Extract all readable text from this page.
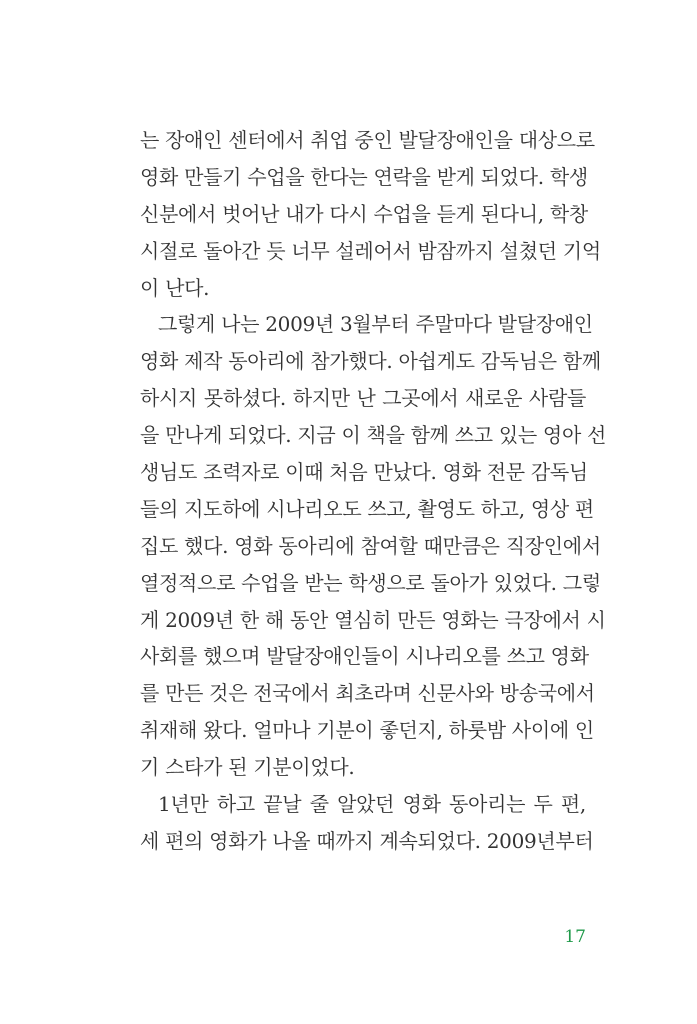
는 장애인 센터에서 취업 중인 발달장애인을 대상으로
영화 만들기 수업을 한다는 연락을 받게 되었다. 학생
신분에서 벗어난 내가 다시 수업을 듣게 된다니, 학창
시절로 돌아간 듯 너무 설레어서 밤잠까지 설쳤던 기억
이 난다.
그렇게 나는 2009년 3월부터 주말마다 발달장애인
영화 제작 동아리에 참가했다. 아쉽게도 감독님은 함께
하시지 못하셨다. 하지만 난 그곳에서 새로운 사람들
을 만나게 되었다. 지금 이 책을 함께 쓰고 있는 영아 선
생님도 조력자로 이때 처음 만났다. 영화 전문 감독님
들의 지도하에 시나리오도 쓰고, 촬영도 하고, 영상 편
집도 했다. 영화 동아리에 참여할 때만큼은 직장인에서
열정적으로 수업을 받는 학생으로 돌아가 있었다. 그렇
게 2009년 한 해 동안 열심히 만든 영화는 극장에서 시
사회를 했으며 발달장애인들이 시나리오를 쓰고 영화
를 만든 것은 전국에서 최초라며 신문사와 방송국에서
취재해 왔다. 얼마나 기분이 좋던지, 하룻밤 사이에 인
기 스타가 된 기분이었다.
1년만 하고 끝날 줄 알았던 영화 동아리는 두 편,
세 편의 영화가 나올 때까지 계속되었다. 2009년부터
17
